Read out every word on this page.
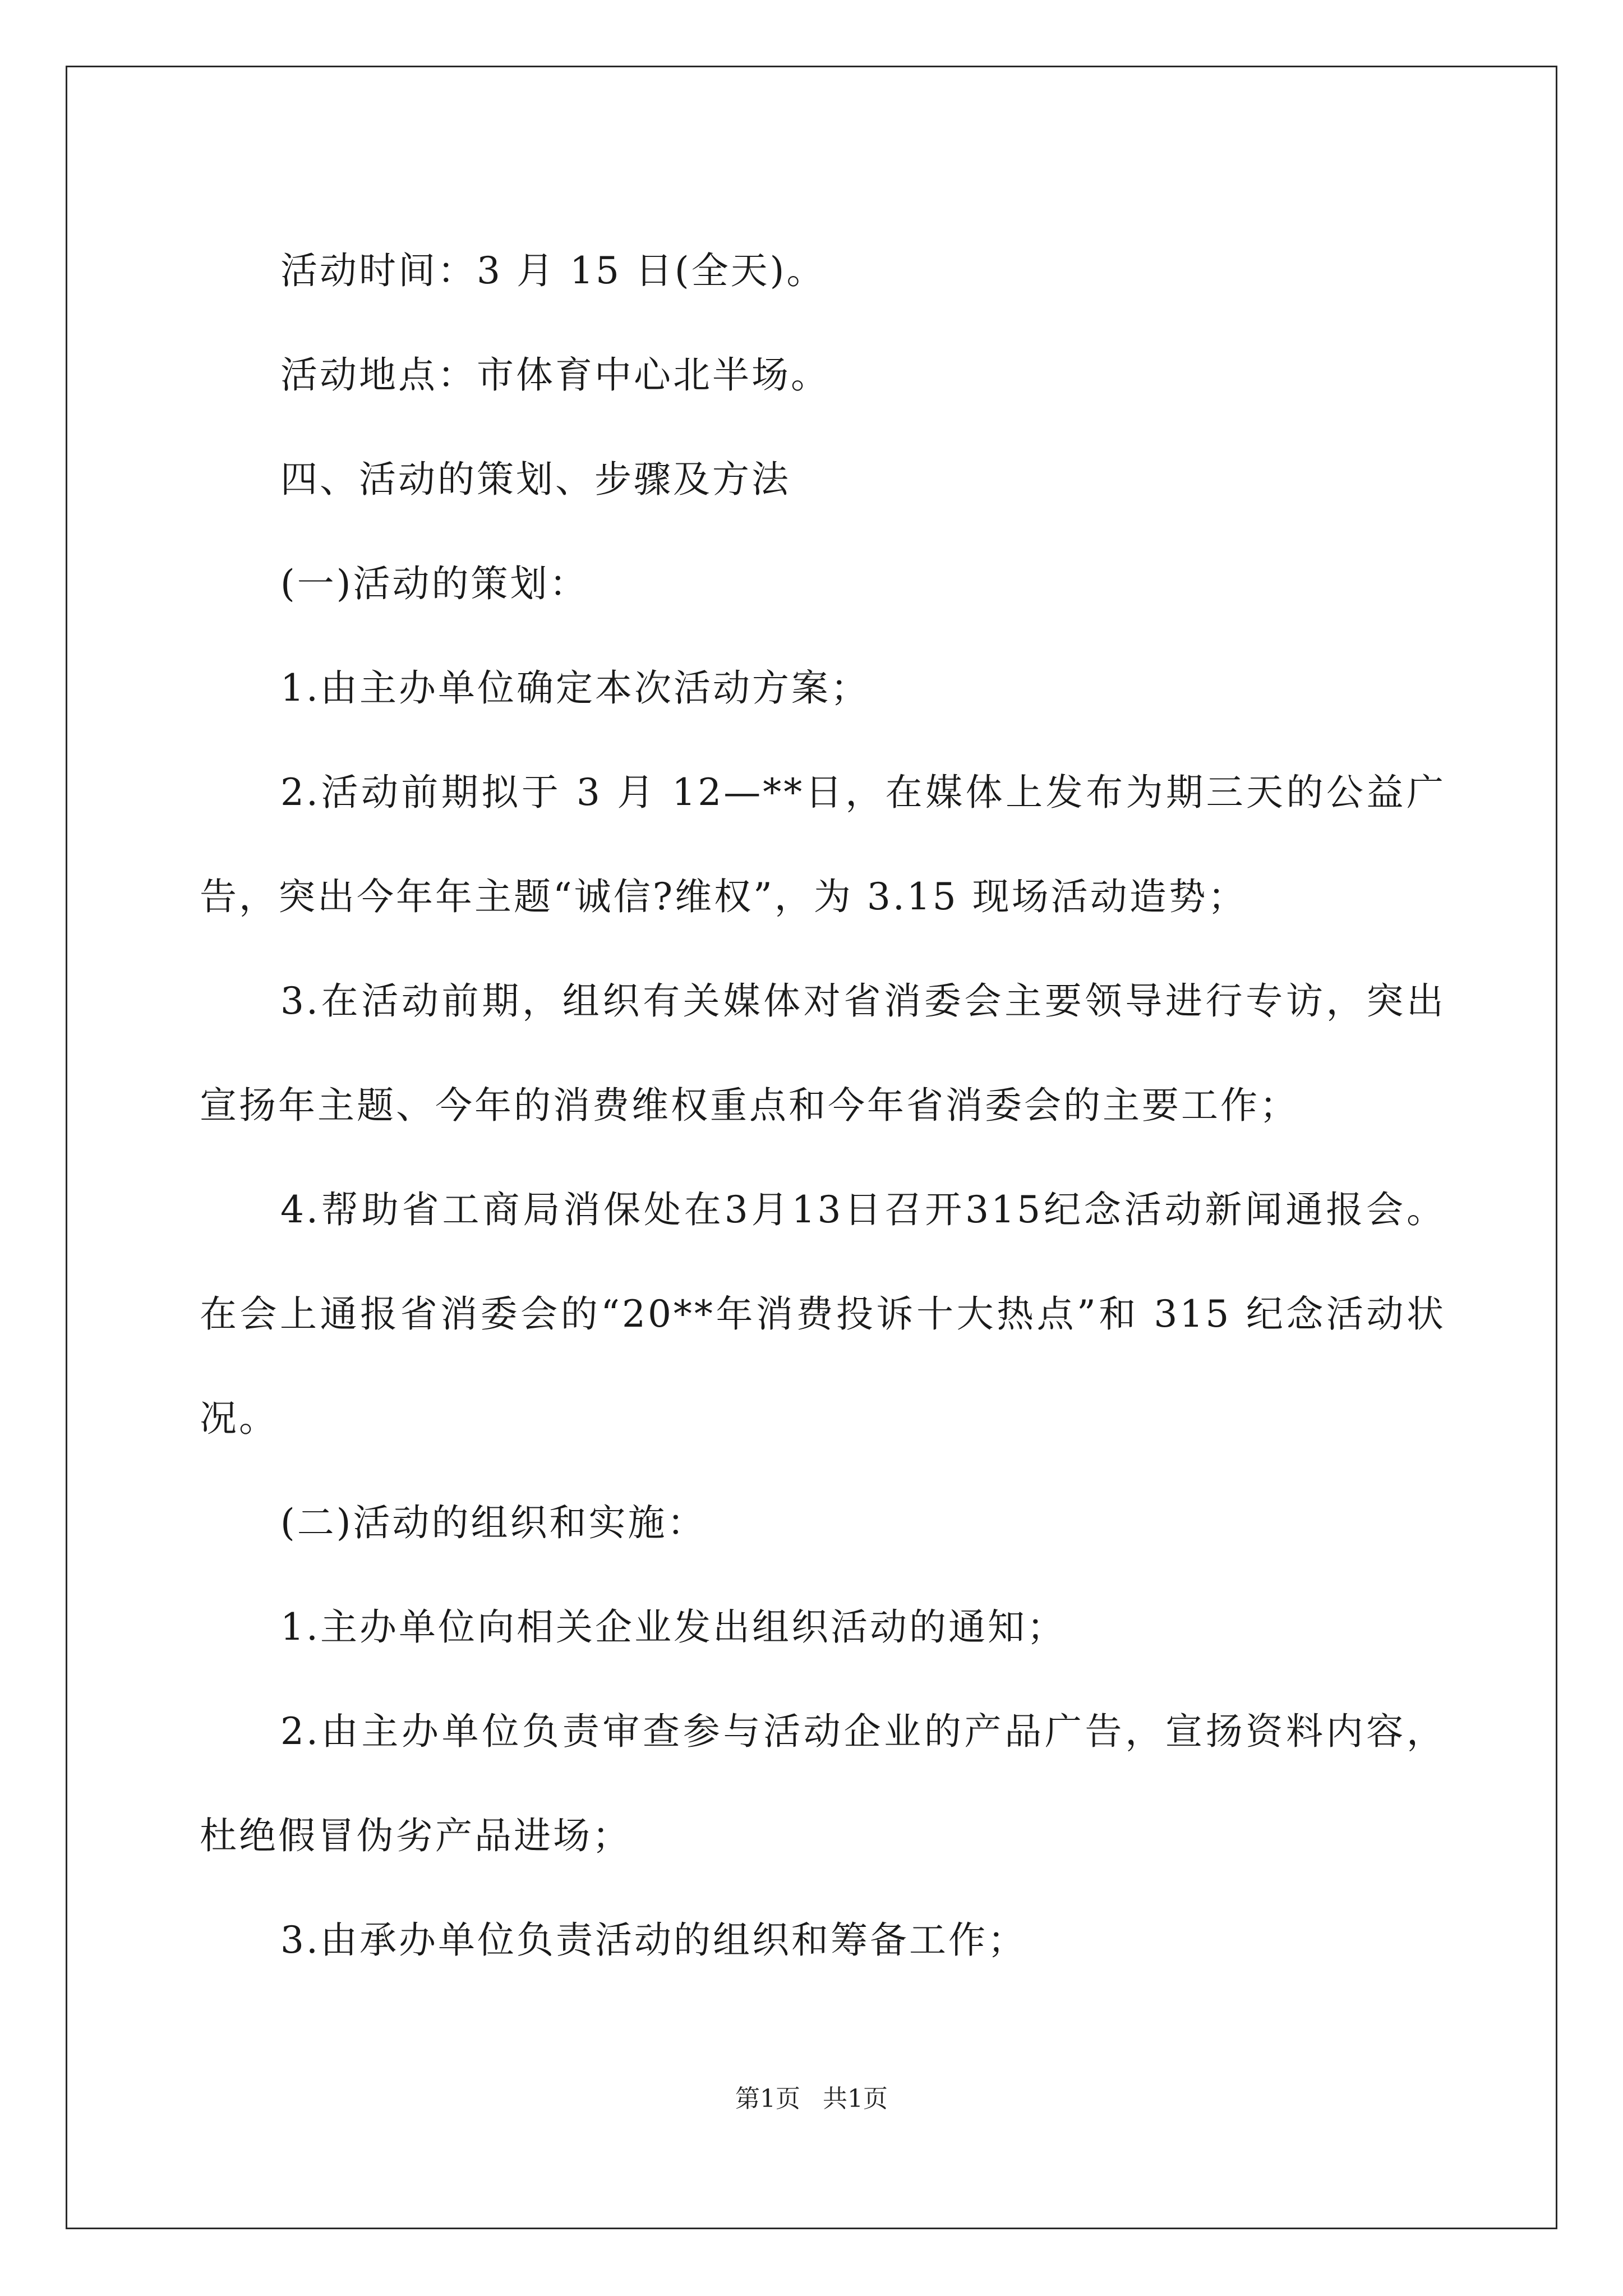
活动时间：3 月 15 日(全天)。

活动地点：市体育中心北半场。

四、活动的策划、步骤及方法

(一)活动的策划：

1.由主办单位确定本次活动方案；

2.活动前期拟于 3 月 12—**日，在媒体上发布为期三天的公益广告，突出今年年主题“诚信?维权”，为 3.15 现场活动造势；

3.在活动前期，组织有关媒体对省消委会主要领导进行专访，突出宣扬年主题、今年的消费维权重点和今年省消委会的主要工作；

4.帮助省工商局消保处在3月13日召开315纪念活动新闻通报会。在会上通报省消委会的“20**年消费投诉十大热点”和 315 纪念活动状况。

(二)活动的组织和实施：

1.主办单位向相关企业发出组织活动的通知；

2.由主办单位负责审查参与活动企业的产品广告，宣扬资料内容，杜绝假冒伪劣产品进场；

3.由承办单位负责活动的组织和筹备工作；

第1页 共1页
